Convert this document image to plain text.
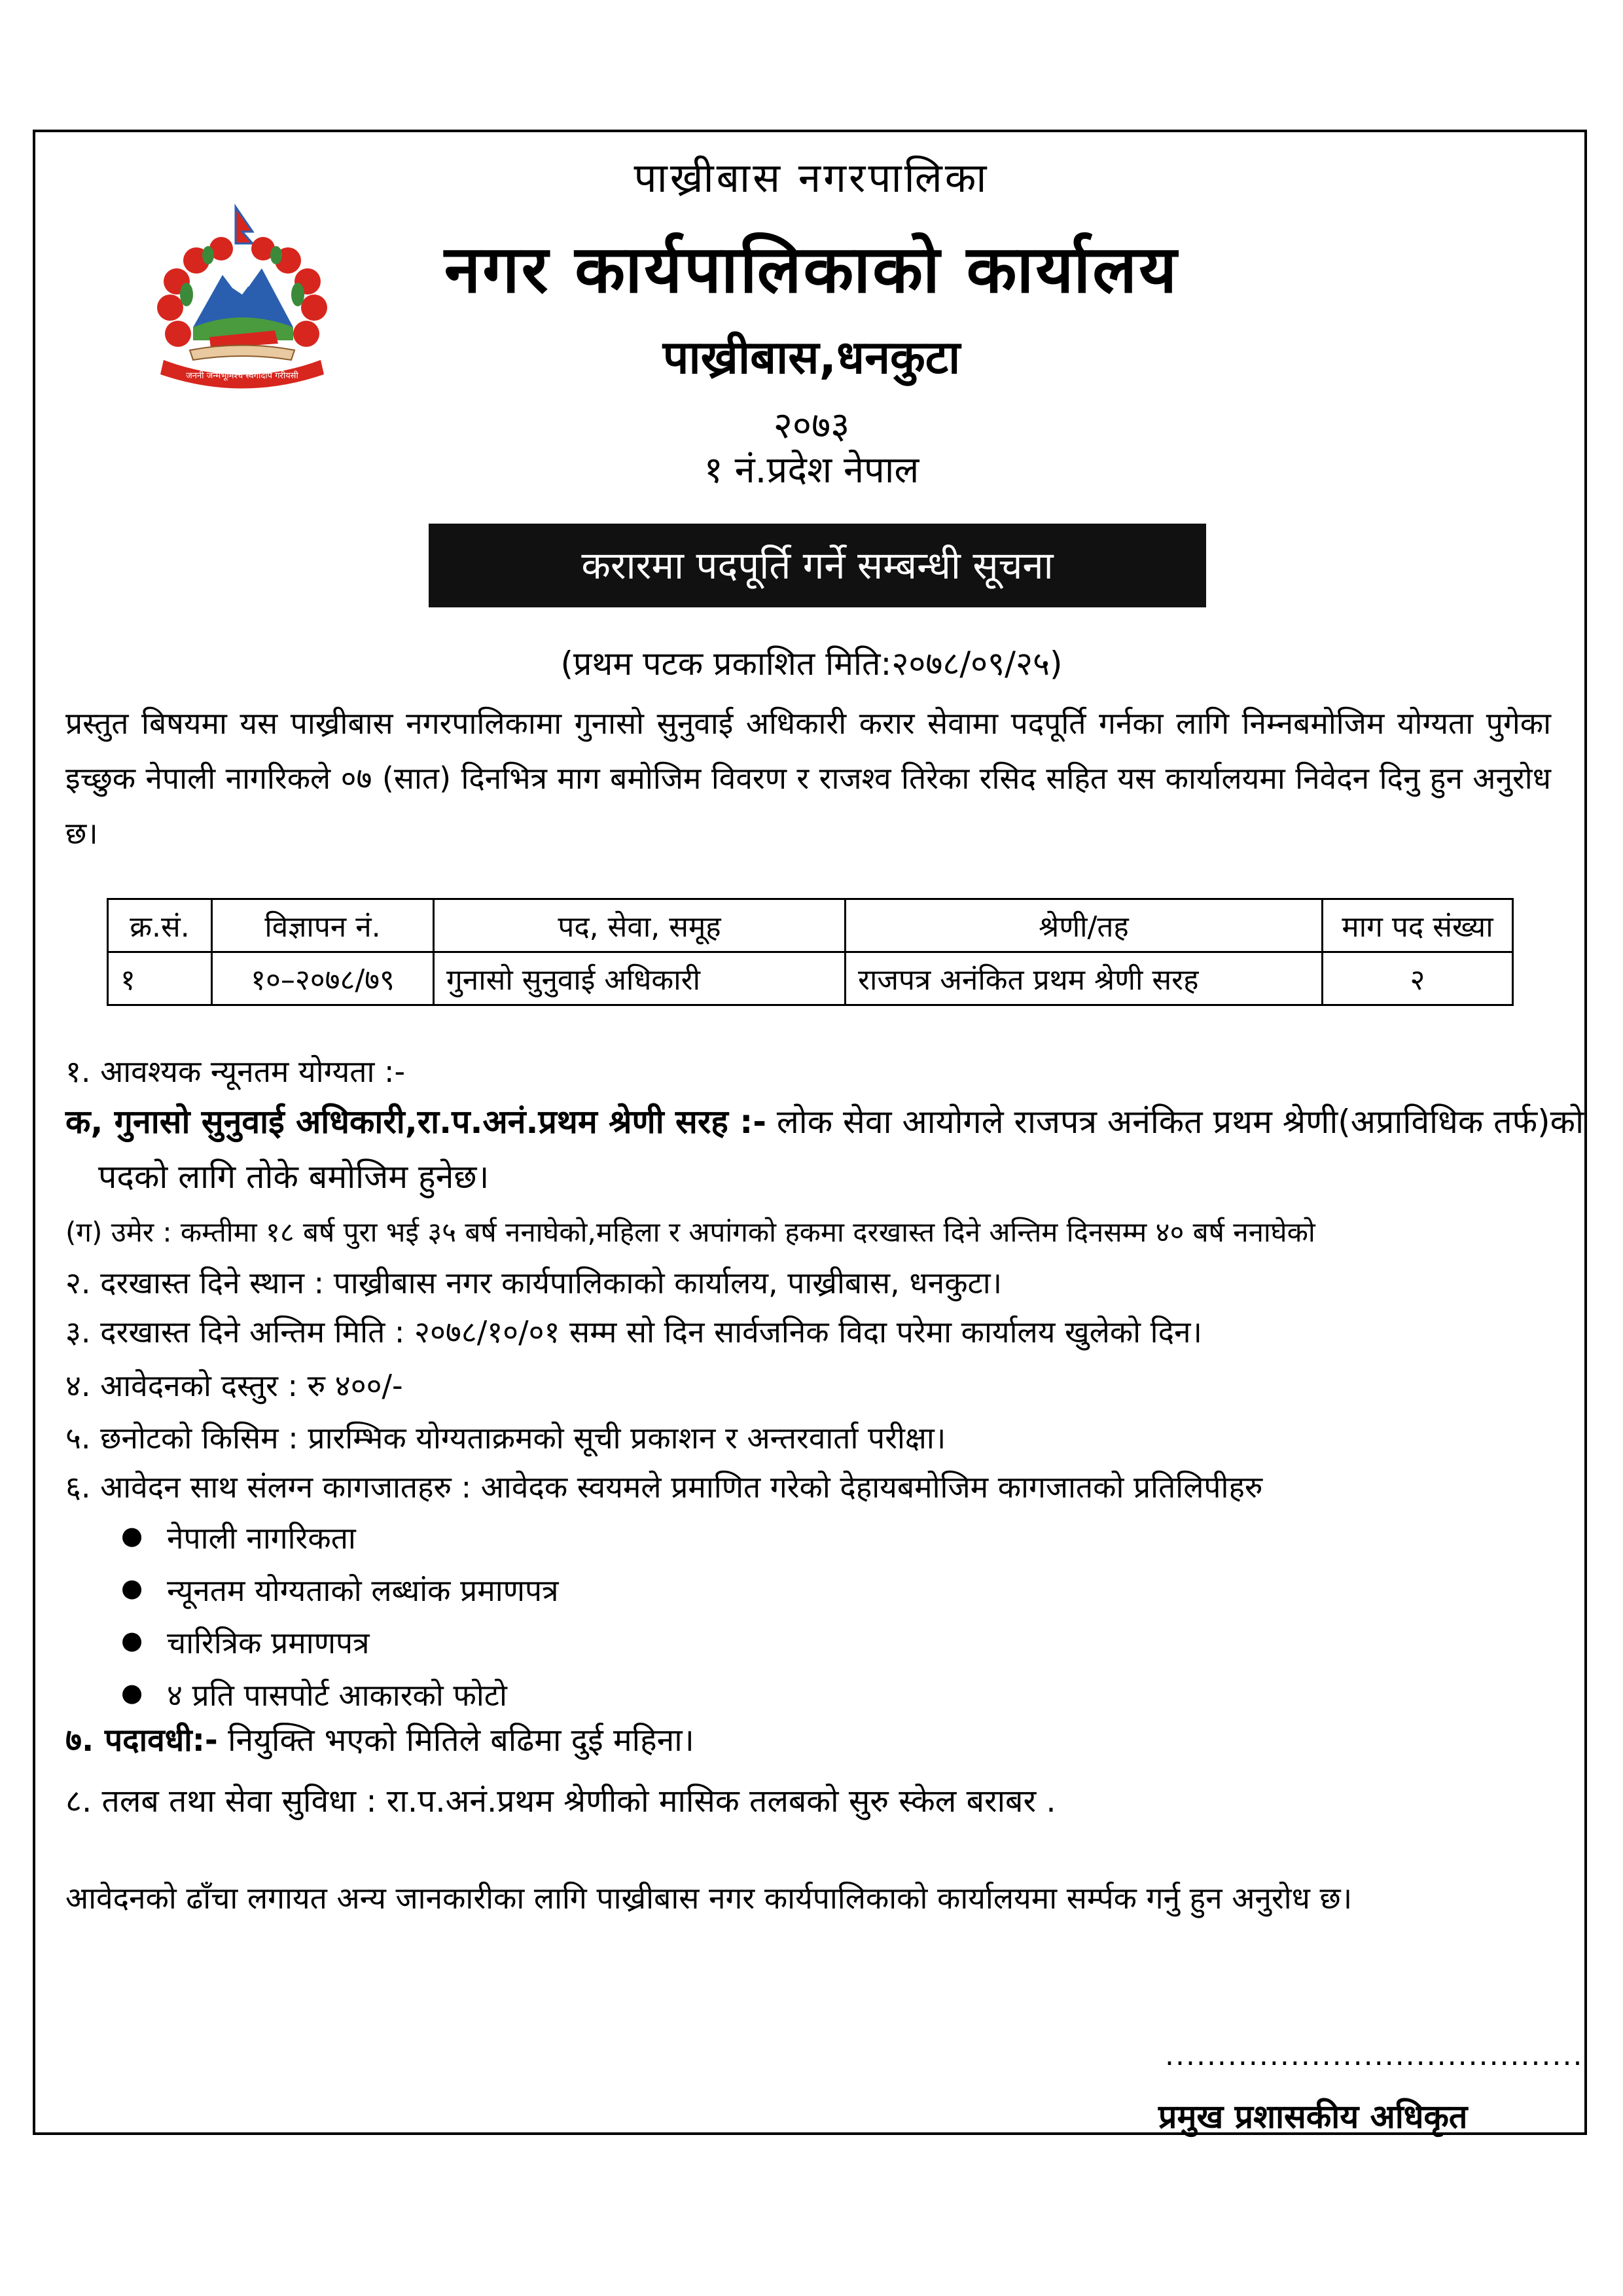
जननी जन्मभूमिश्च स्वर्गादपि गरीयसी
पाख्रीबास नगरपालिका
नगर कार्यपालिकाको कार्यालय
पाख्रीबास,धनकुटा
२०७३
१ नं.प्रदेश नेपाल
करारमा पदपूर्ति गर्ने सम्बन्धी सूचना
(प्रथम पटक प्रकाशित मिति:२०७८/०९/२५)
प्रस्तुत बिषयमा यस पाख्रीबास नगरपालिकामा गुनासो सुनुवाई अधिकारी करार सेवामा पदपूर्ति गर्नका लागि निम्नबमोजिम योग्यता पुगेका इच्छुक नेपाली नागरिकले ०७ (सात) दिनभित्र माग बमोजिम विवरण र राजश्व तिरेका रसिद सहित यस कार्यालयमा निवेदन दिनु हुन अनुरोध छ।
क्र.सं.	विज्ञापन नं.	पद, सेवा, समूह	श्रेणी/तह	माग पद संख्या
१	१०–२०७८/७९	गुनासो सुनुवाई अधिकारी	राजपत्र अनंकित प्रथम श्रेणी सरह	२
१. आवश्यक न्यूनतम योग्यता :-
क, गुनासो सुनुवाई अधिकारी,रा.प.अनं.प्रथम श्रेणी सरह :- लोक सेवा आयोगले राजपत्र अनंकित प्रथम श्रेणी(अप्राविधिक तर्फ)को
पदको लागि तोके बमोजिम हुनेछ।
(ग) उमेर : कम्तीमा १८ बर्ष पुरा भई ३५ बर्ष ननाघेको,महिला र अपांगको हकमा दरखास्त दिने अन्तिम दिनसम्म ४० बर्ष ननाघेको
२. दरखास्त दिने स्थान : पाख्रीबास नगर कार्यपालिकाको कार्यालय, पाख्रीबास, धनकुटा।
३. दरखास्त दिने अन्तिम मिति : २०७८/१०/०१ सम्म सो दिन सार्वजनिक विदा परेमा कार्यालय खुलेको दिन।
४. आवेदनको दस्तुर : रु ४००/-
५. छनोटको किसिम : प्रारम्भिक योग्यताक्रमको सूची प्रकाशन र अन्तरवार्ता परीक्षा।
६. आवेदन साथ संलग्न कागजातहरु : आवेदक स्वयमले प्रमाणित गरेको देहायबमोजिम कागजातको प्रतिलिपीहरु
● नेपाली नागरिकता
● न्यूनतम योग्यताको लब्धांक प्रमाणपत्र
● चारित्रिक प्रमाणपत्र
● ४ प्रति पासपोर्ट आकारको फोटो
७. पदावधी:- नियुक्ति भएको मितिले बढिमा दुई महिना।
८. तलब तथा सेवा सुविधा : रा.प.अनं.प्रथम श्रेणीको मासिक तलबको सुरु स्केल बराबर .
आवेदनको ढाँचा लगायत अन्य जानकारीका लागि पाख्रीबास नगर कार्यपालिकाको कार्यालयमा सर्म्पक गर्नु हुन अनुरोध छ।
........................................
प्रमुख प्रशासकीय अधिकृत
